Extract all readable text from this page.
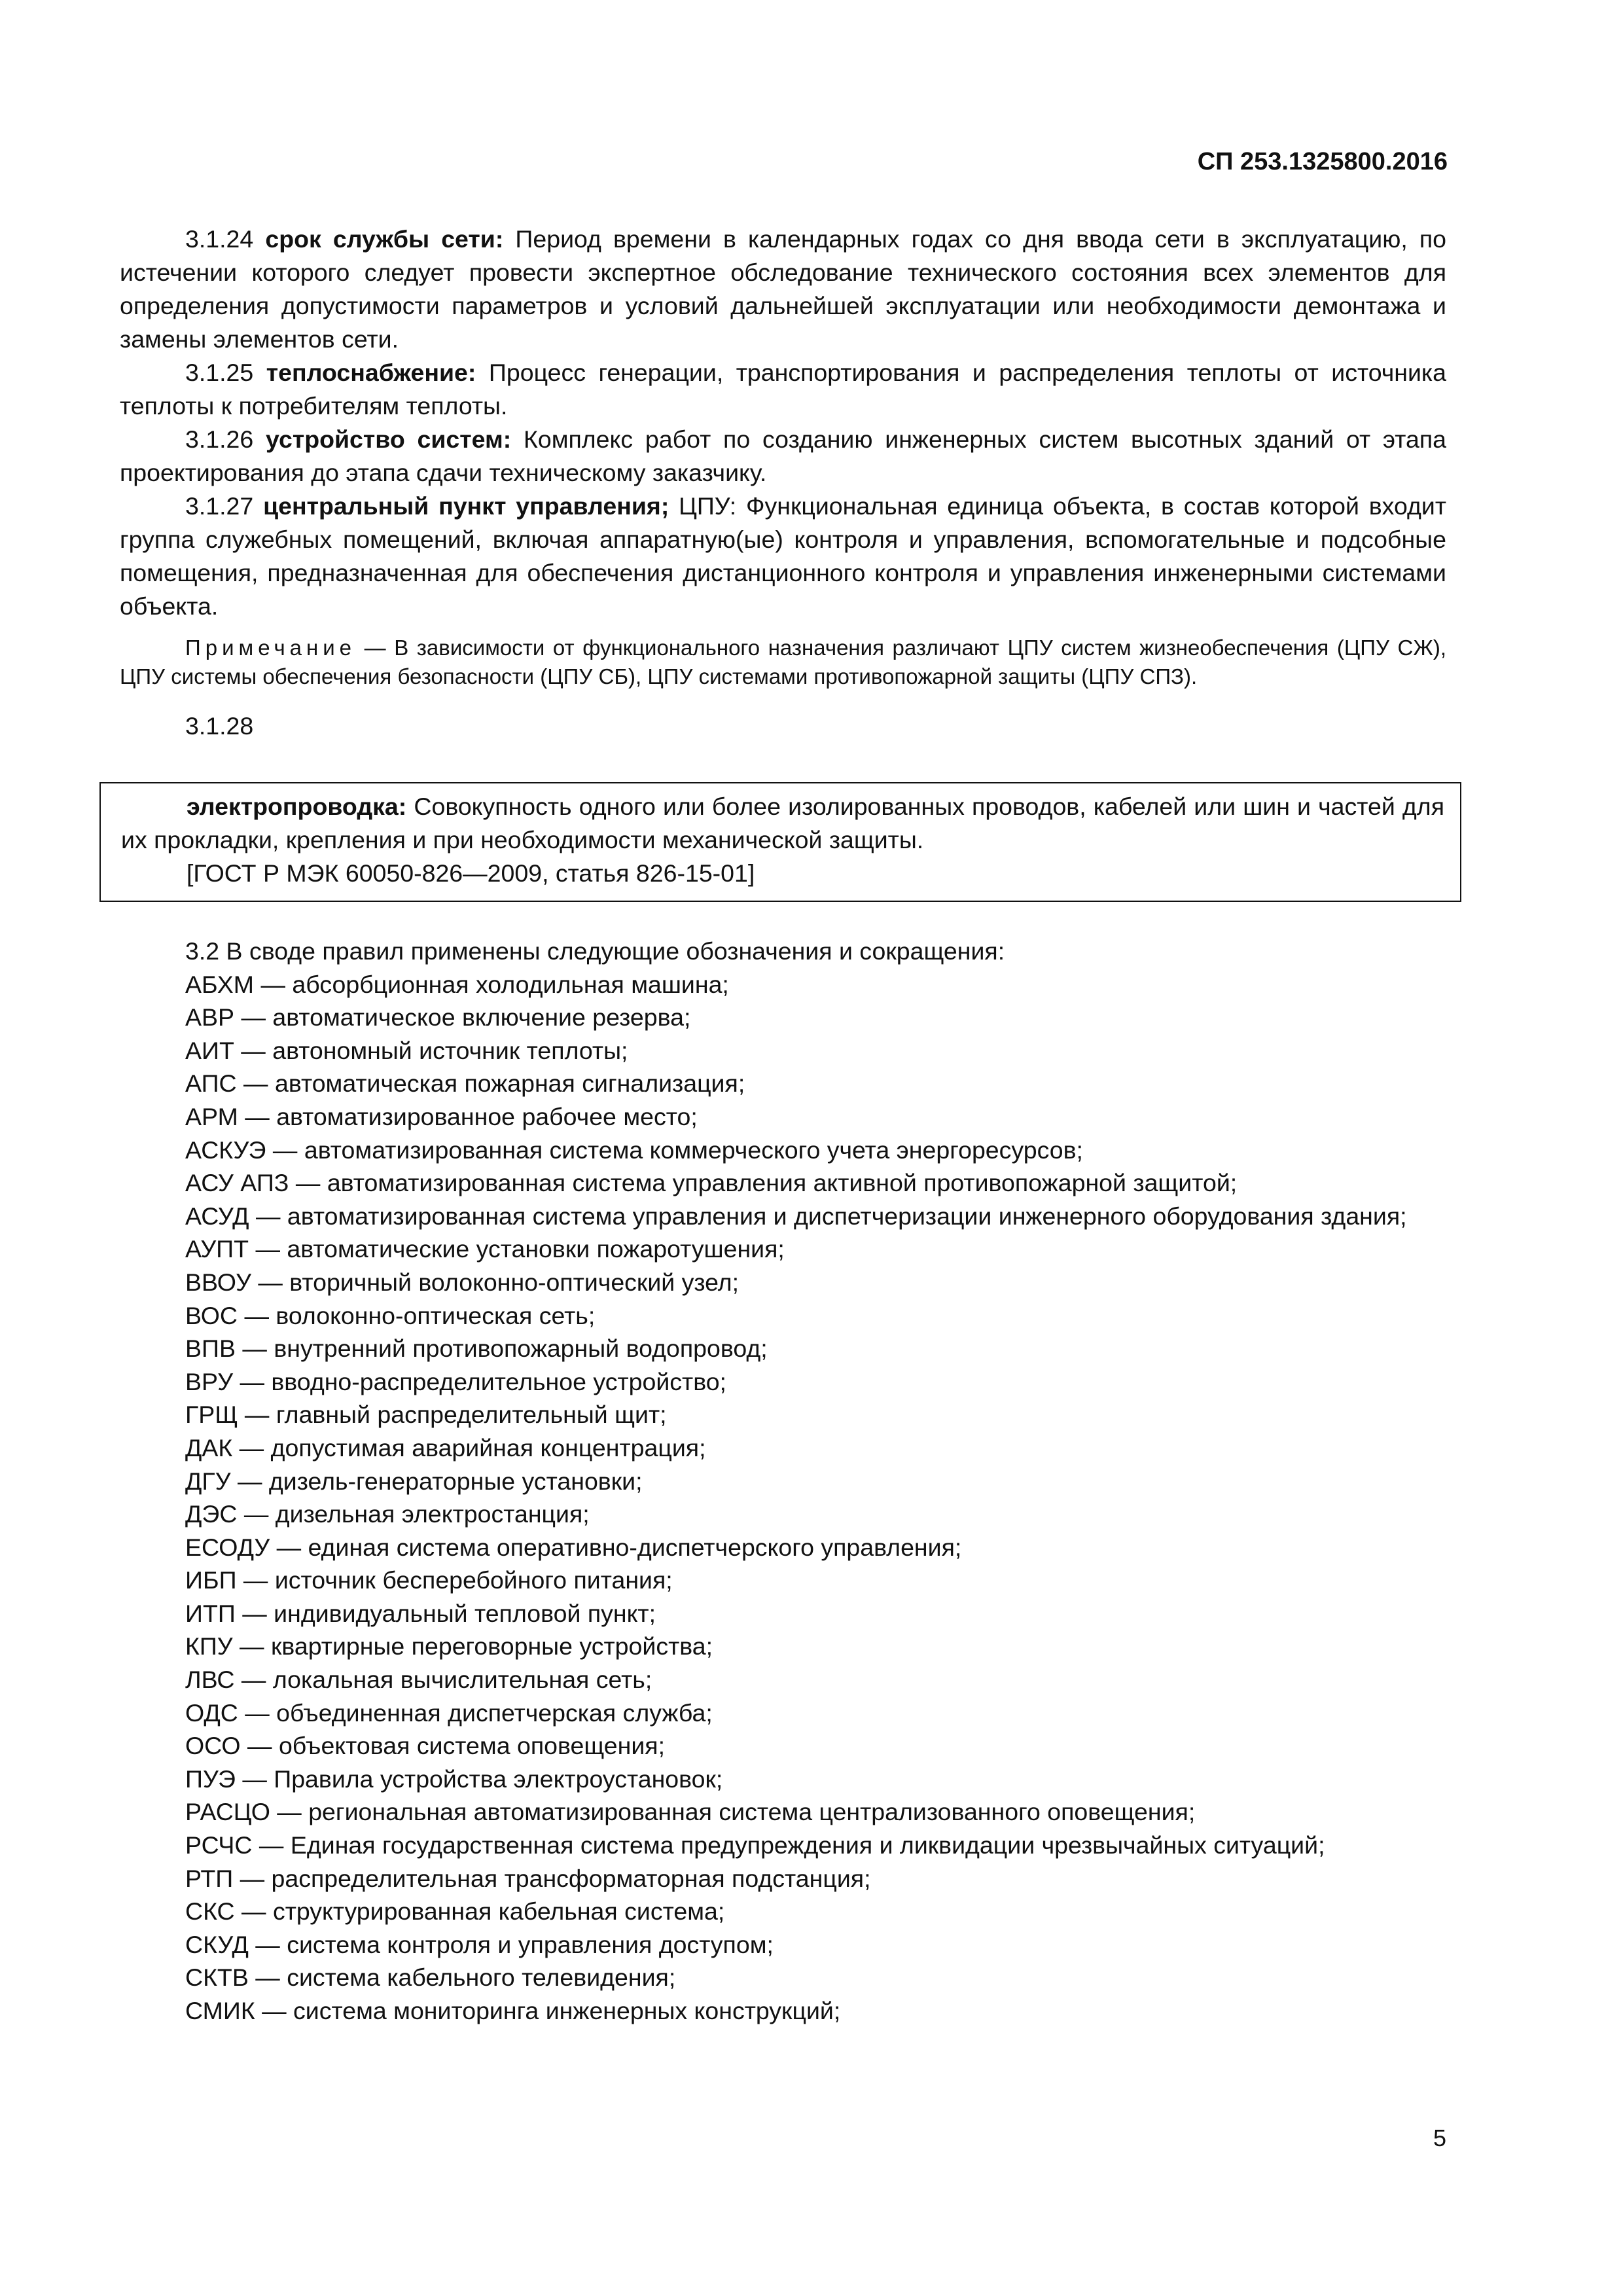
СП 253.1325800.2016

3.1.24 срок службы сети: Период времени в календарных годах со дня ввода сети в эксплуатацию, по истечении которого следует провести экспертное обследование технического состояния всех элементов для определения допустимости параметров и условий дальнейшей эксплуатации или необходимости демонтажа и замены элементов сети.

3.1.25 теплоснабжение: Процесс генерации, транспортирования и распределения теплоты от источника теплоты к потребителям теплоты.

3.1.26 устройство систем: Комплекс работ по созданию инженерных систем высотных зданий от этапа проектирования до этапа сдачи техническому заказчику.

3.1.27 центральный пункт управления; ЦПУ: Функциональная единица объекта, в состав которой входит группа служебных помещений, включая аппаратную(ые) контроля и управления, вспомогательные и подсобные помещения, предназначенная для обеспечения дистанционного контроля и управления инженерными системами объекта.

Примечание — В зависимости от функционального назначения различают ЦПУ систем жизнеобеспечения (ЦПУ СЖ), ЦПУ системы обеспечения безопасности (ЦПУ СБ), ЦПУ системами противопожарной защиты (ЦПУ СПЗ).

3.1.28

электропроводка: Совокупность одного или более изолированных проводов, кабелей или шин и частей для их прокладки, крепления и при необходимости механической защиты.

[ГОСТ Р МЭК 60050-826—2009, статья 826-15-01]

3.2 В своде правил применены следующие обозначения и сокращения:

АБХМ — абсорбционная холодильная машина;

АВР — автоматическое включение резерва;

АИТ — автономный источник теплоты;

АПС — автоматическая пожарная сигнализация;

АРМ — автоматизированное рабочее место;

АСКУЭ — автоматизированная система коммерческого учета энергоресурсов;

АСУ АПЗ — автоматизированная система управления активной противопожарной защитой;

АСУД — автоматизированная система управления и диспетчеризации инженерного оборудования здания;

АУПТ — автоматические установки пожаротушения;

ВВОУ — вторичный волоконно-оптический узел;

ВОС — волоконно-оптическая сеть;

ВПВ — внутренний противопожарный водопровод;

ВРУ — вводно-распределительное устройство;

ГРЩ — главный распределительный щит;

ДАК — допустимая аварийная концентрация;

ДГУ — дизель-генераторные установки;

ДЭС — дизельная электростанция;

ЕСОДУ — единая система оперативно-диспетчерского управления;

ИБП — источник бесперебойного питания;

ИТП — индивидуальный тепловой пункт;

КПУ — квартирные переговорные устройства;

ЛВС — локальная вычислительная сеть;

ОДС — объединенная диспетчерская служба;

ОСО — объектовая система оповещения;

ПУЭ — Правила устройства электроустановок;

РАСЦО — региональная автоматизированная система централизованного оповещения;

РСЧС — Единая государственная система предупреждения и ликвидации чрезвычайных ситуаций;

РТП — распределительная трансформаторная подстанция;

СКС — структурированная кабельная система;

СКУД — система контроля и управления доступом;

СКТВ — система кабельного телевидения;

СМИК — система мониторинга инженерных конструкций;

5
